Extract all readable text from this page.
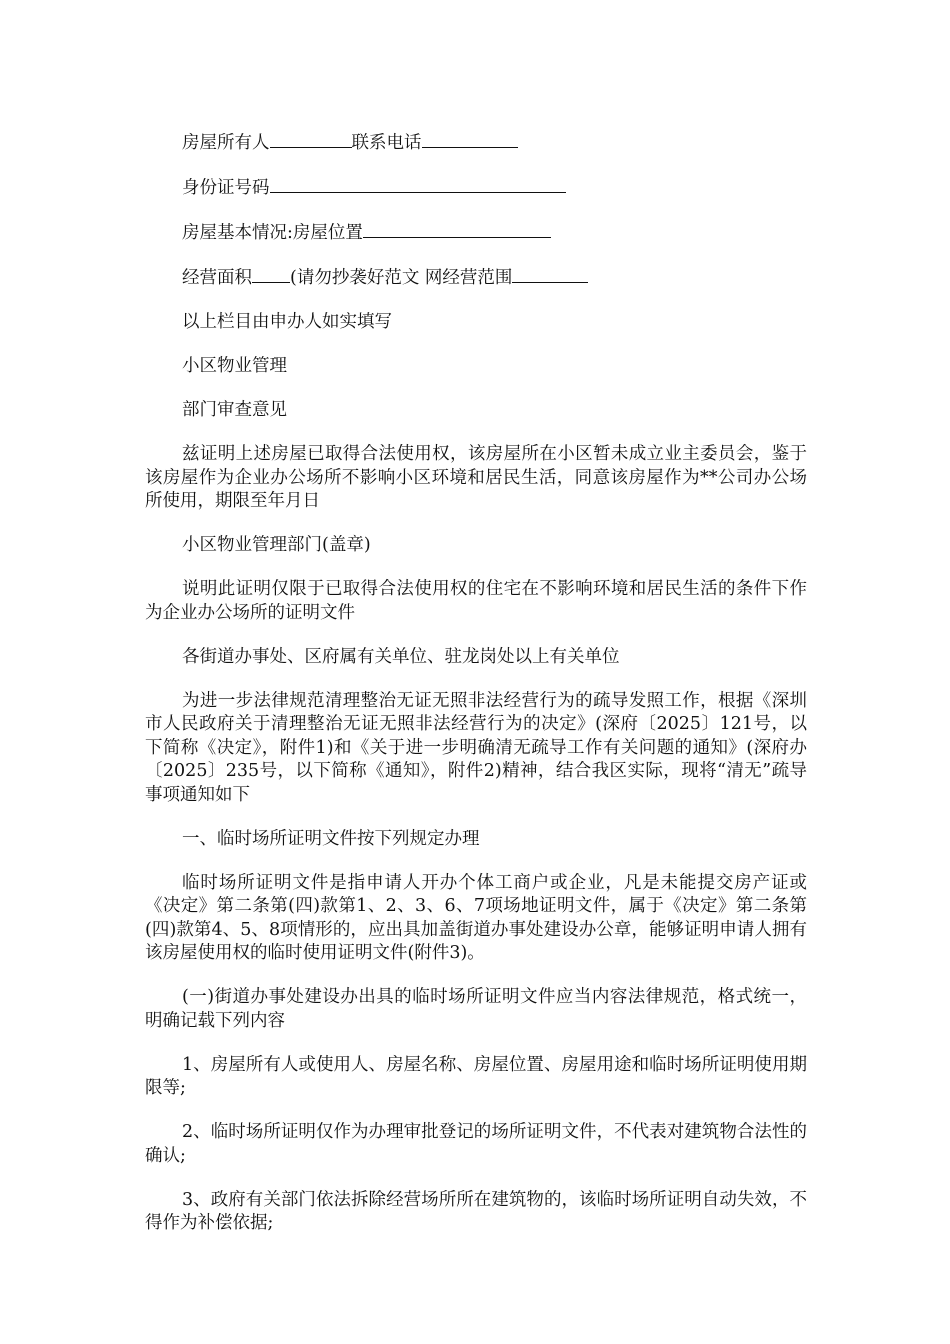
房屋所有人	联系电话

身份证号码

房屋基本情况:房屋位置

经营面积 (请勿抄袭好范文 网经营范围

以上栏目由申办人如实填写

小区物业管理

部门审查意见

兹证明上述房屋已取得合法使用权，该房屋所在小区暂未成立业主委员会，鉴于该房屋作为企业办公场所不影响小区环境和居民生活，同意该房屋作为**公司办公场所使用，期限至年月日

小区物业管理部门(盖章)

说明此证明仅限于已取得合法使用权的住宅在不影响环境和居民生活的条件下作为企业办公场所的证明文件

各街道办事处、区府属有关单位、驻龙岗处以上有关单位

为进一步法律规范清理整治无证无照非法经营行为的疏导发照工作，根据《深圳市人民政府关于清理整治无证无照非法经营行为的决定》(深府〔2025〕121号，以下简称《决定》，附件1)和《关于进一步明确清无疏导工作有关问题的通知》(深府办〔2025〕235号，以下简称《通知》，附件2)精神，结合我区实际，现将“清无”疏导事项通知如下

一、临时场所证明文件按下列规定办理

临时场所证明文件是指申请人开办个体工商户或企业，凡是未能提交房产证或《决定》第二条第(四)款第1、2、3、6、7项场地证明文件，属于《决定》第二条第(四)款第4、5、8项情形的，应出具加盖街道办事处建设办公章，能够证明申请人拥有该房屋使用权的临时使用证明文件(附件3)。

(一)街道办事处建设办出具的临时场所证明文件应当内容法律规范，格式统一，明确记载下列内容

1、房屋所有人或使用人、房屋名称、房屋位置、房屋用途和临时场所证明使用期限等;

2、临时场所证明仅作为办理审批登记的场所证明文件，不代表对建筑物合法性的确认;

3、政府有关部门依法拆除经营场所所在建筑物的，该临时场所证明自动失效，不得作为补偿依据;
